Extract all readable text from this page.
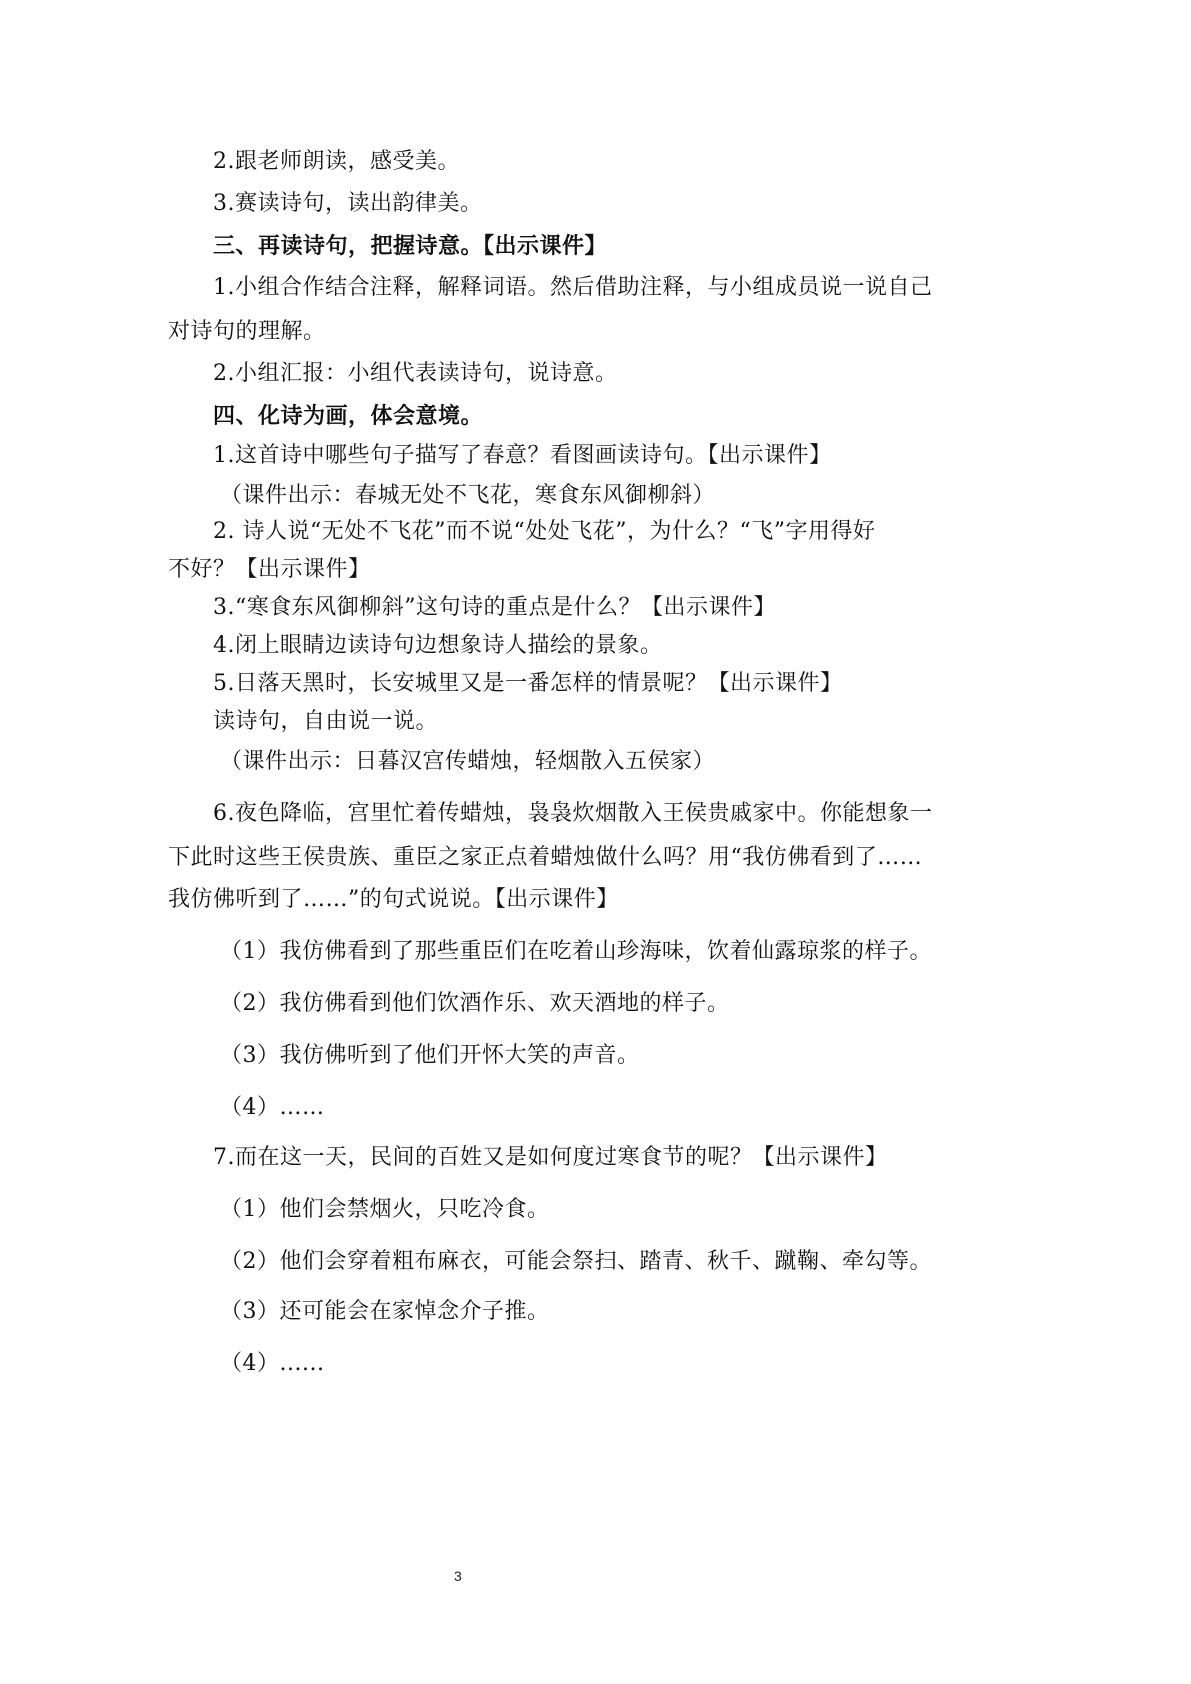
2.跟老师朗读，感受美。
3.赛读诗句，读出韵律美。
三、再读诗句，把握诗意。【出示课件】
1.小组合作结合注释，解释词语。然后借助注释，与小组成员说一说自己
对诗句的理解。
2.小组汇报：小组代表读诗句，说诗意。
四、化诗为画，体会意境。
1.这首诗中哪些句子描写了春意？看图画读诗句。【出示课件】
（课件出示：春城无处不飞花，寒食东风御柳斜）
2. 诗人说“无处不飞花”而不说“处处飞花”，为什么？“飞”字用得好
不好？【出示课件】
3.“寒食东风御柳斜”这句诗的重点是什么？【出示课件】
4.闭上眼睛边读诗句边想象诗人描绘的景象。
5.日落天黑时，长安城里又是一番怎样的情景呢？【出示课件】
读诗句，自由说一说。
（课件出示：日暮汉宫传蜡烛，轻烟散入五侯家）
6.夜色降临，宫里忙着传蜡烛，袅袅炊烟散入王侯贵戚家中。你能想象一
下此时这些王侯贵族、重臣之家正点着蜡烛做什么吗？用“我仿佛看到了……
我仿佛听到了……”的句式说说。【出示课件】
（1）我仿佛看到了那些重臣们在吃着山珍海味，饮着仙露琼浆的样子。
（2）我仿佛看到他们饮酒作乐、欢天酒地的样子。
（3）我仿佛听到了他们开怀大笑的声音。
（4）……
7.而在这一天，民间的百姓又是如何度过寒食节的呢？【出示课件】
（1）他们会禁烟火，只吃冷食。
（2）他们会穿着粗布麻衣，可能会祭扫、踏青、秋千、蹴鞠、牵勾等。
（3）还可能会在家悼念介子推。
（4）......
3
